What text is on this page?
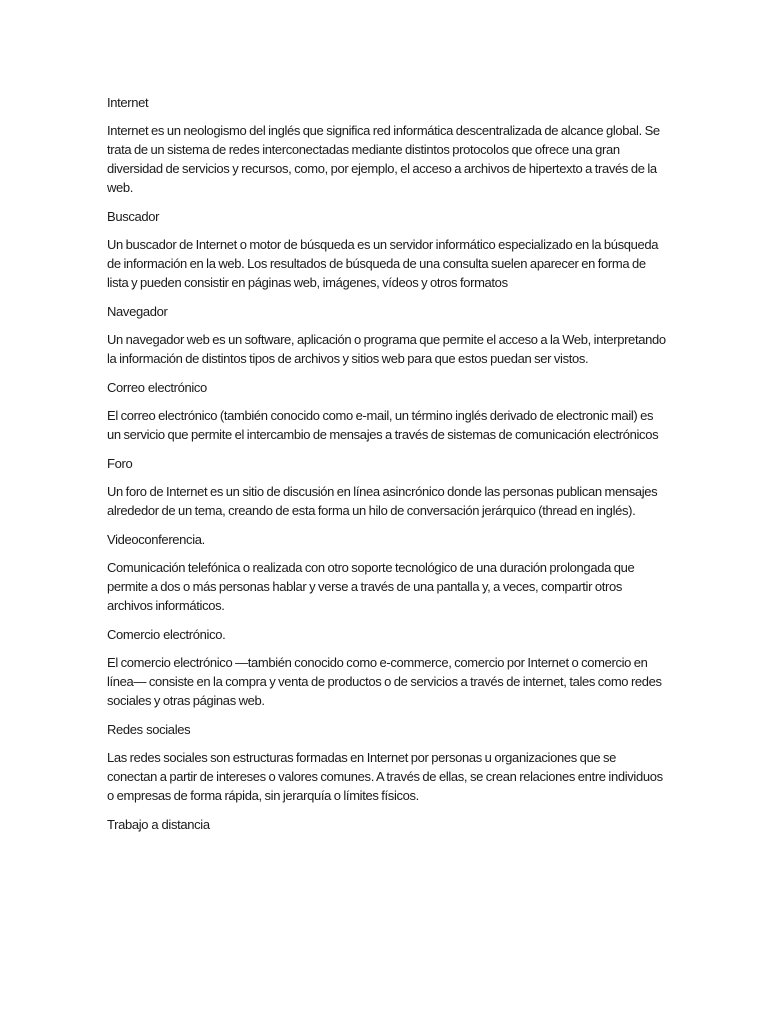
Internet

Internet es un neologismo del inglés que significa red informática descentralizada de alcance global. Se trata de un sistema de redes interconectadas mediante distintos protocolos que ofrece una gran diversidad de servicios y recursos, como, por ejemplo, el acceso a archivos de hipertexto a través de la web.

Buscador

Un buscador de Internet o motor de búsqueda es un servidor informático especializado en la búsqueda de información en la web. Los resultados de búsqueda de una consulta suelen aparecer en forma de lista y pueden consistir en páginas web, imágenes, vídeos y otros formatos

Navegador

Un navegador web es un software, aplicación o programa que permite el acceso a la Web, interpretando la información de distintos tipos de archivos y sitios web para que estos puedan ser vistos.

Correo electrónico

El correo electrónico (también conocido como e-mail, un término inglés derivado de electronic mail) es un servicio que permite el intercambio de mensajes a través de sistemas de comunicación electrónicos

Foro

Un foro de Internet es un sitio de discusión en línea asincrónico donde las personas publican mensajes alrededor de un tema, creando de esta forma un hilo de conversación jerárquico (thread en inglés).

Videoconferencia.

Comunicación telefónica o realizada con otro soporte tecnológico de una duración prolongada que permite a dos o más personas hablar y verse a través de una pantalla y, a veces, compartir otros archivos informáticos.

Comercio electrónico.

El comercio electrónico —también conocido como e-commerce, comercio por Internet o comercio en línea— consiste en la compra y venta de productos o de servicios a través de internet, tales como redes sociales y otras páginas web.

Redes sociales

Las redes sociales son estructuras formadas en Internet por personas u organizaciones que se conectan a partir de intereses o valores comunes. A través de ellas, se crean relaciones entre individuos o empresas de forma rápida, sin jerarquía o límites físicos.

Trabajo a distancia
